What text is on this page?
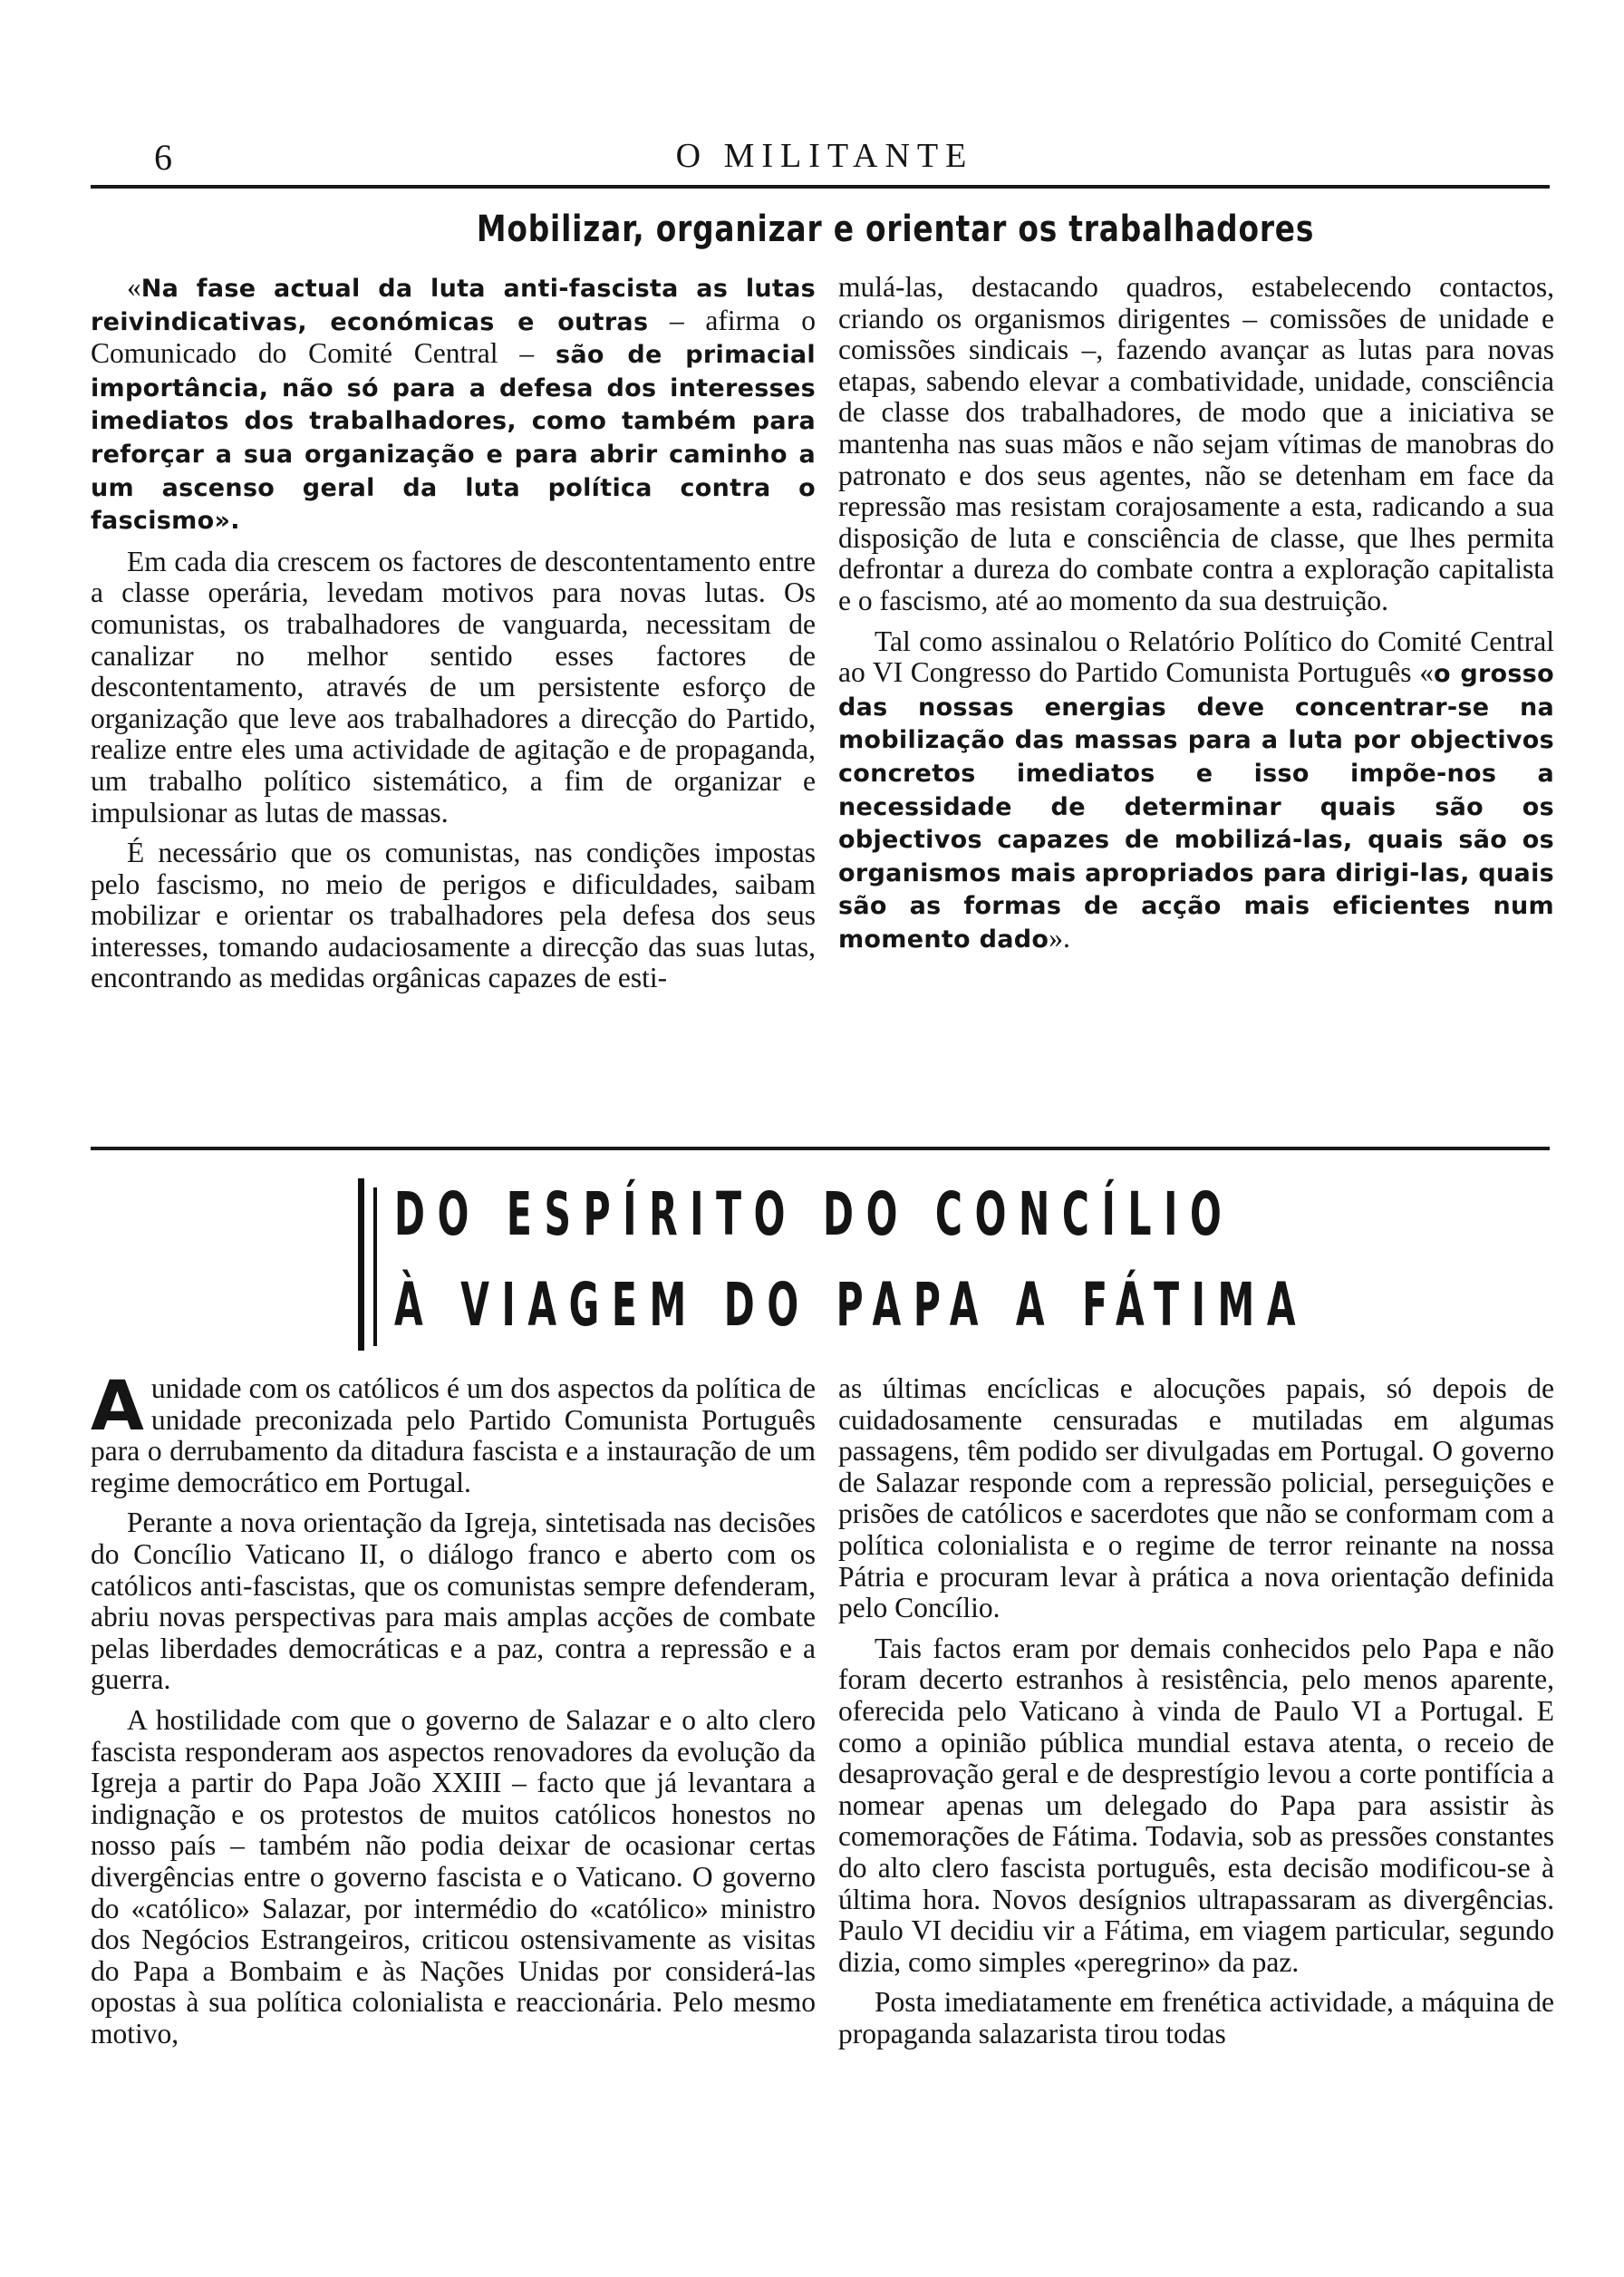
6	O MILITANTE
Mobilizar, organizar e orientar os trabalhadores

«Na fase actual da luta anti-fascista as lutas reivindicativas, económicas e outras – afirma o Comunicado do Comité Central – são de primacial importância, não só para a defesa dos interesses imediatos dos trabalhadores, como também para reforçar a sua organização e para abrir caminho a um ascenso geral da luta política contra o fascismo».

Em cada dia crescem os factores de descontentamento entre a classe operária, levedam motivos para novas lutas. Os comunistas, os trabalhadores de vanguarda, necessitam de canalizar no melhor sentido esses factores de descontentamento, através de um persistente esforço de organização que leve aos trabalhadores a direcção do Partido, realize entre eles uma actividade de agitação e de propaganda, um trabalho político sistemático, a fim de organizar e impulsionar as lutas de massas.

É necessário que os comunistas, nas condições impostas pelo fascismo, no meio de perigos e dificuldades, saibam mobilizar e orientar os trabalhadores pela defesa dos seus interesses, tomando audaciosamente a direcção das suas lutas, encontrando as medidas orgânicas capazes de esti-

mulá-las, destacando quadros, estabelecendo contactos, criando os organismos dirigentes – comissões de unidade e comissões sindicais –, fazendo avançar as lutas para novas etapas, sabendo elevar a combatividade, unidade, consciência de classe dos trabalhadores, de modo que a iniciativa se mantenha nas suas mãos e não sejam vítimas de manobras do patronato e dos seus agentes, não se detenham em face da repressão mas resistam corajosamente a esta, radicando a sua disposição de luta e consciência de classe, que lhes permita defrontar a dureza do combate contra a exploração capitalista e o fascismo, até ao momento da sua destruição.

Tal como assinalou o Relatório Político do Comité Central ao VI Congresso do Partido Comunista Português «o grosso das nossas energias deve concentrar-se na mobilização das massas para a luta por objectivos concretos imediatos e isso impõe-nos a necessidade de determinar quais são os objectivos capazes de mobilizá-las, quais são os organismos mais apropriados para dirigi-las, quais são as formas de acção mais eficientes num momento dado».

DO ESPÍRITO DO CONCÍLIO
À VIAGEM DO PAPA A FÁTIMA

A unidade com os católicos é um dos aspectos da política de unidade preconizada pelo Partido Comunista Português para o derrubamento da ditadura fascista e a instauração de um regime democrático em Portugal.

Perante a nova orientação da Igreja, sintetisada nas decisões do Concílio Vaticano II, o diálogo franco e aberto com os católicos anti-fascistas, que os comunistas sempre defenderam, abriu novas perspectivas para mais amplas acções de combate pelas liberdades democráticas e a paz, contra a repressão e a guerra.

A hostilidade com que o governo de Salazar e o alto clero fascista responderam aos aspectos renovadores da evolução da Igreja a partir do Papa João XXIII – facto que já levantara a indignação e os protestos de muitos católicos honestos no nosso país – também não podia deixar de ocasionar certas divergências entre o governo fascista e o Vaticano. O governo do «católico» Salazar, por intermédio do «católico» ministro dos Negócios Estrangeiros, criticou ostensivamente as visitas do Papa a Bombaim e às Nações Unidas por considerá-las opostas à sua política colonialista e reaccionária. Pelo mesmo motivo,

as últimas encíclicas e alocuções papais, só depois de cuidadosamente censuradas e mutiladas em algumas passagens, têm podido ser divulgadas em Portugal. O governo de Salazar responde com a repressão policial, perseguições e prisões de católicos e sacerdotes que não se conformam com a política colonialista e o regime de terror reinante na nossa Pátria e procuram levar à prática a nova orientação definida pelo Concílio.

Tais factos eram por demais conhecidos pelo Papa e não foram decerto estranhos à resistência, pelo menos aparente, oferecida pelo Vaticano à vinda de Paulo VI a Portugal. E como a opinião pública mundial estava atenta, o receio de desaprovação geral e de desprestígio levou a corte pontifícia a nomear apenas um delegado do Papa para assistir às comemorações de Fátima. Todavia, sob as pressões constantes do alto clero fascista português, esta decisão modificou-se à última hora. Novos desígnios ultrapassaram as divergências. Paulo VI decidiu vir a Fátima, em viagem particular, segundo dizia, como simples «peregrino» da paz.

Posta imediatamente em frenética actividade, a máquina de propaganda salazarista tirou todas
